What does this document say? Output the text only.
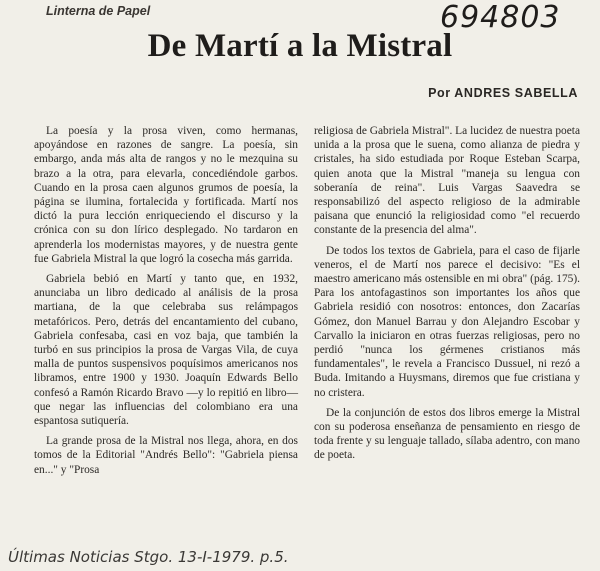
Linterna de Papel	694803
De Martí a la Mistral
Por ANDRES SABELLA

La poesía y la prosa viven, como hermanas, apoyándose en razones de sangre. La poesía, sin embargo, anda más alta de rangos y no le mezquina su brazo a la otra, para elevarla, concediéndole garbos. Cuando en la prosa caen algunos grumos de poesía, la página se ilumina, fortalecida y fortificada. Martí nos dictó la pura lección enriqueciendo el discurso y la crónica con su don lírico desplegado. No tardaron en aprenderla los modernistas mayores, y de nuestra gente fue Gabriela Mistral la que logró la cosecha más garrida.

Gabriela bebió en Martí y tanto que, en 1932, anunciaba un libro dedicado al análisis de la prosa martiana, de la que celebraba sus relámpagos metafóricos. Pero, detrás del encantamiento del cubano, Gabriela confesaba, casi en voz baja, que también la turbó en sus principios la prosa de Vargas Vila, de cuya malla de puntos suspensivos poquísimos americanos nos libramos, entre 1900 y 1930. Joaquín Edwards Bello confesó a Ramón Ricardo Bravo —y lo repitió en libro— que negar las influencias del colombiano era una espantosa sutiquería.

La grande prosa de la Mistral nos llega, ahora, en dos tomos de la Editorial "Andrés Bello": "Gabriela piensa en..." y "Prosa

religiosa de Gabriela Mistral". La lucidez de nuestra poeta unida a la prosa que le suena, como alianza de piedra y cristales, ha sido estudiada por Roque Esteban Scarpa, quien anota que la Mistral "maneja su lengua con soberanía de reina". Luis Vargas Saavedra se responsabilizó del aspecto religioso de la admirable paisana que enunció la religiosidad como "el recuerdo constante de la presencia del alma".

De todos los textos de Gabriela, para el caso de fijarle veneros, el de Martí nos parece el decisivo: "Es el maestro americano más ostensible en mi obra" (pág. 175). Para los antofagastinos son importantes los años que Gabriela residió con nosotros: entonces, don Zacarías Gómez, don Manuel Barrau y don Alejandro Escobar y Carvallo la iniciaron en otras fuerzas religiosas, pero no perdió "nunca los gérmenes cristianos más fundamentales", le revela a Francisco Dussuel, ni rezó a Buda. Imitando a Huysmans, diremos que fue cristiana y no cristera.

De la conjunción de estos dos libros emerge la Mistral con su poderosa enseñanza de pensamiento en riesgo de toda frente y su lenguaje tallado, sílaba adentro, con mano de poeta.

Últimas Noticias Stgo. 13-I-1979. p.5.
